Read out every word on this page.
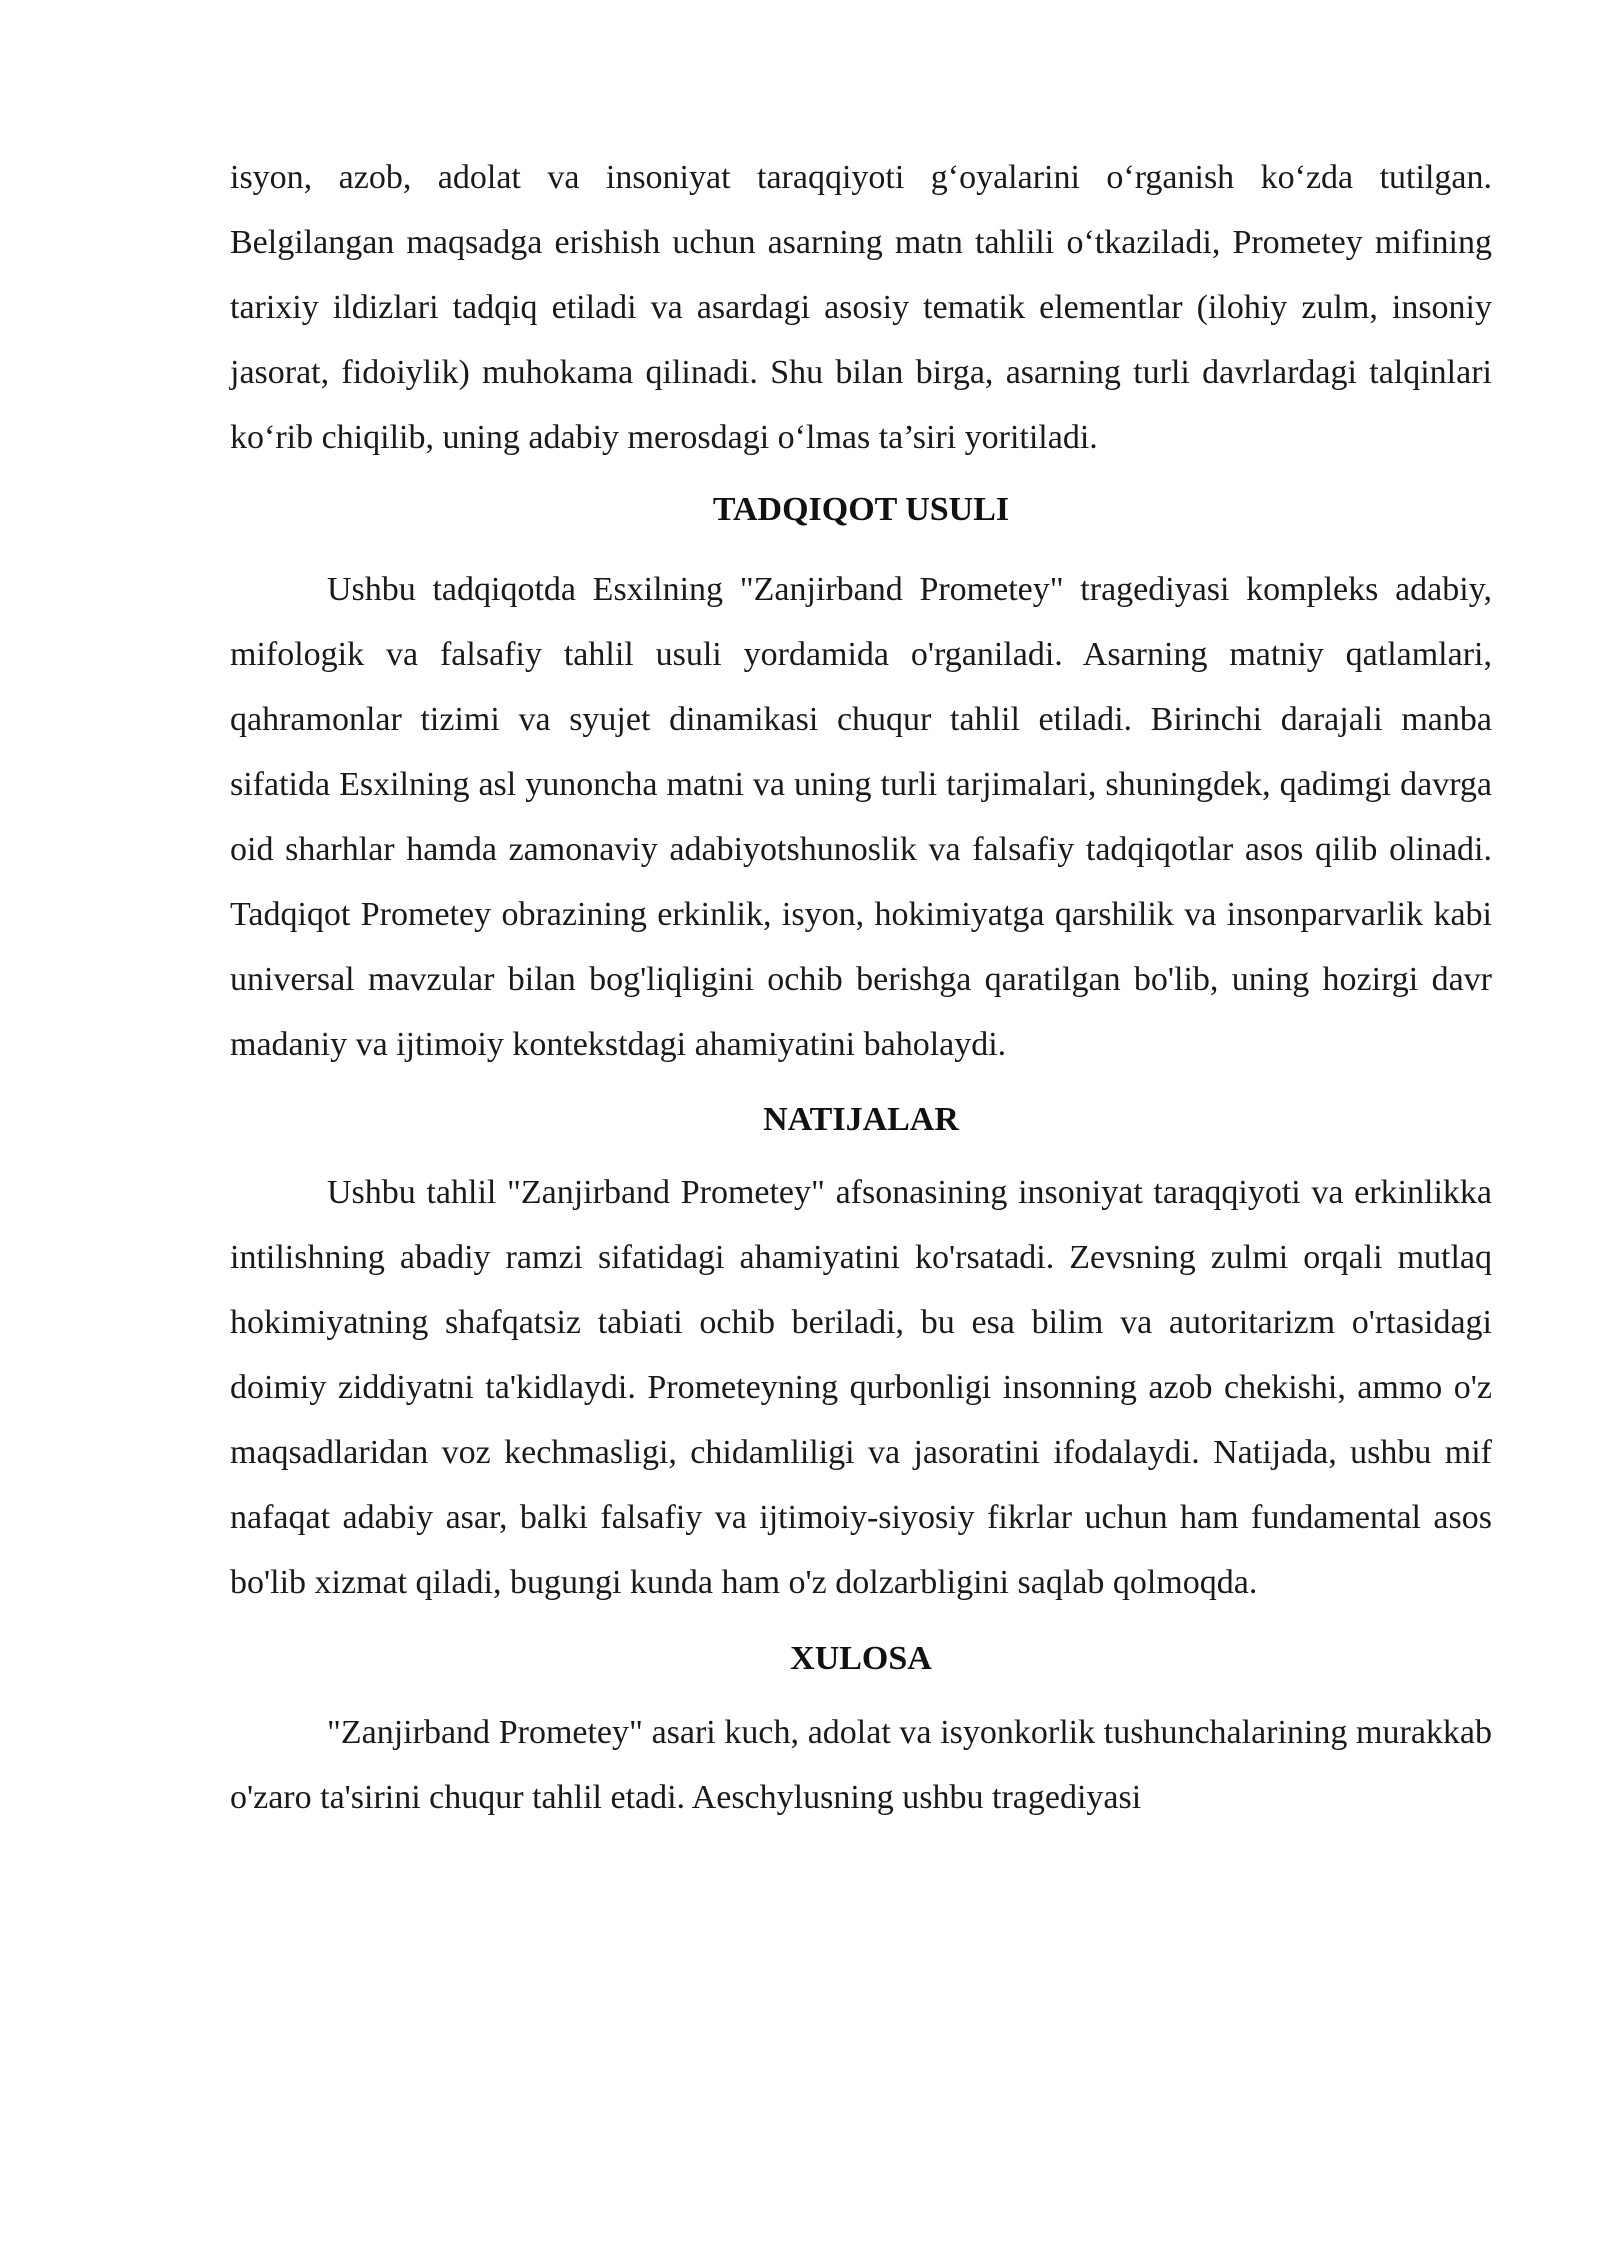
isyon, azob, adolat va insoniyat taraqqiyoti g‘oyalarini o‘rganish ko‘zda tutilgan. Belgilangan maqsadga erishish uchun asarning matn tahlili o‘tkaziladi, Prometey mifining tarixiy ildizlari tadqiq etiladi va asardagi asosiy tematik elementlar (ilohiy zulm, insoniy jasorat, fidoiylik) muhokama qilinadi. Shu bilan birga, asarning turli davrlardagi talqinlari ko‘rib chiqilib, uning adabiy merosdagi o‘lmas ta’siri yoritiladi.

TADQIQOT USULI

Ushbu tadqiqotda Esxilning "Zanjirband Prometey" tragediyasi kompleks adabiy, mifologik va falsafiy tahlil usuli yordamida o'rganiladi. Asarning matniy qatlamlari, qahramonlar tizimi va syujet dinamikasi chuqur tahlil etiladi. Birinchi darajali manba sifatida Esxilning asl yunoncha matni va uning turli tarjimalari, shuningdek, qadimgi davrga oid sharhlar hamda zamonaviy adabiyotshunoslik va falsafiy tadqiqotlar asos qilib olinadi. Tadqiqot Prometey obrazining erkinlik, isyon, hokimiyatga qarshilik va insonparvarlik kabi universal mavzular bilan bog'liqligini ochib berishga qaratilgan bo'lib, uning hozirgi davr madaniy va ijtimoiy kontekstdagi ahamiyatini baholaydi.

NATIJALAR

Ushbu tahlil "Zanjirband Prometey" afsonasining insoniyat taraqqiyoti va erkinlikka intilishning abadiy ramzi sifatidagi ahamiyatini ko'rsatadi. Zevsning zulmi orqali mutlaq hokimiyatning shafqatsiz tabiati ochib beriladi, bu esa bilim va autoritarizm o'rtasidagi doimiy ziddiyatni ta'kidlaydi. Prometeyning qurbonligi insonning azob chekishi, ammo o'z maqsadlaridan voz kechmasligi, chidamliligi va jasoratini ifodalaydi. Natijada, ushbu mif nafaqat adabiy asar, balki falsafiy va ijtimoiy-siyosiy fikrlar uchun ham fundamental asos bo'lib xizmat qiladi, bugungi kunda ham o'z dolzarbligini saqlab qolmoqda.

XULOSA

"Zanjirband Prometey" asari kuch, adolat va isyonkorlik tushunchalarining murakkab o'zaro ta'sirini chuqur tahlil etadi. Aeschylusning ushbu tragediyasi
